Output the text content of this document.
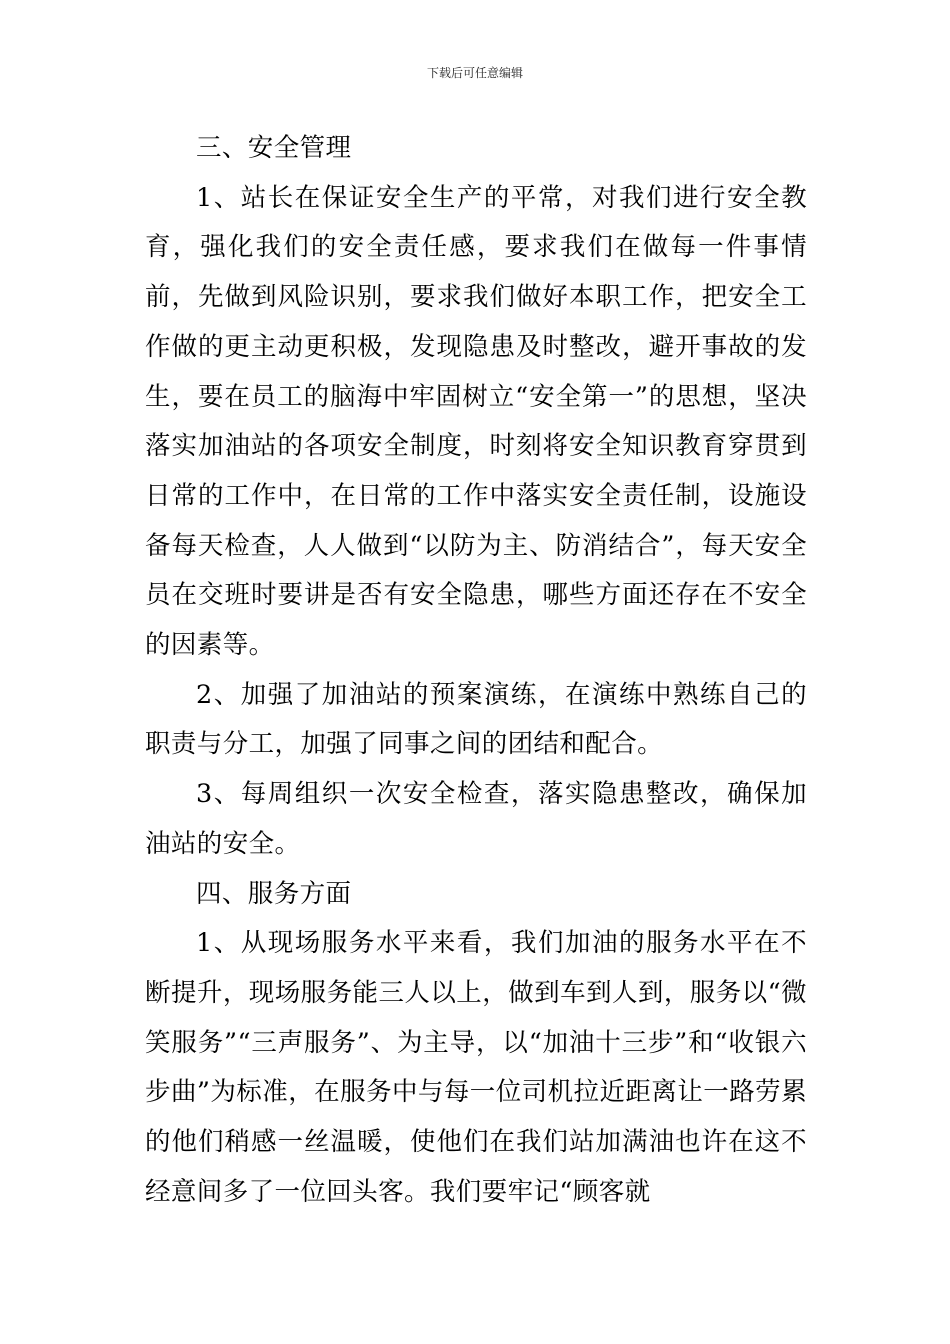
下载后可任意编辑

三、安全管理

1、站长在保证安全生产的平常，对我们进行安全教育，强化我们的安全责任感，要求我们在做每一件事情前，先做到风险识别，要求我们做好本职工作，把安全工作做的更主动更积极，发现隐患及时整改，避开事故的发生，要在员工的脑海中牢固树立“安全第一”的思想，坚决落实加油站的各项安全制度，时刻将安全知识教育穿贯到日常的工作中，在日常的工作中落实安全责任制，设施设备每天检查，人人做到“以防为主、防消结合”，每天安全员在交班时要讲是否有安全隐患，哪些方面还存在不安全的因素等。

2、加强了加油站的预案演练，在演练中熟练自己的职责与分工，加强了同事之间的团结和配合。

3、每周组织一次安全检查，落实隐患整改，确保加油站的安全。

四、服务方面

1、从现场服务水平来看，我们加油的服务水平在不断提升，现场服务能三人以上，做到车到人到，服务以“微笑服务”“三声服务”、为主导，以“加油十三步”和“收银六步曲”为标准，在服务中与每一位司机拉近距离让一路劳累的他们稍感一丝温暖，使他们在我们站加满油也许在这不经意间多了一位回头客。我们要牢记“顾客就
